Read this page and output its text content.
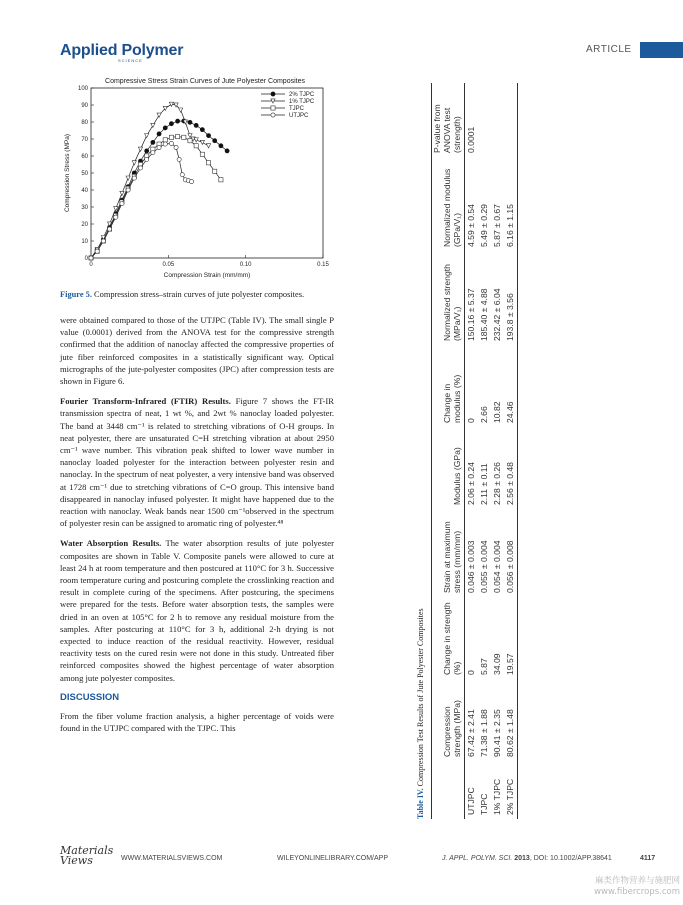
Applied Polymer
SCIENCE
ARTICLE
Compressive Stress Strain Curves of Jute Polyester Composites
0
10
20
30
40
50
60
70
80
90
100
0	0.05	0.10	0.15
Compression Strain (mm/mm)
Compression Stress (MPa)
2% TJPC
1% TJPC
TJPC
UTJPC
Figure 5. Compression stress–strain curves of jute polyester composites.

were obtained compared to those of the UTJPC (Table IV). The small single P value (0.0001) derived from the ANOVA test for the compressive strength confirmed that the addition of nanoclay affected the compressive properties of jute fiber reinforced composites in a statistically significant way. Optical micrographs of the jute-polyester composites (JPC) after compression tests are shown in Figure 6.

Fourier Transform-Infrared (FTIR) Results. Figure 7 shows the FT-IR transmission spectra of neat, 1 wt %, and 2wt % nanoclay loaded polyester. The band at 3448 cm⁻¹ is related to stretching vibrations of O-H groups. In neat polyester, there are unsaturated C=H stretching vibration at about 2950 cm⁻¹ wave number. This vibration peak shifted to lower wave number in nanoclay loaded polyester for the interaction between polyester resin and nanoclay. In the spectrum of neat polyester, a very intensive band was observed at 1728 cm⁻¹ due to stretching vibrations of C=O group. This intensive band disappeared in nanoclay infused polyester. It might have happened due to the reaction with nanoclay. Weak bands near 1500 cm⁻¹observed in the spectrum of polyester resin can be assigned to aromatic ring of polyester.⁴⁸

Water Absorption Results. The water absorption results of jute polyester composites are shown in Table V. Composite panels were allowed to cure at least 24 h at room temperature and then postcured at 110°C for 3 h. Successive room temperature curing and postcuring complete the crosslinking reaction and result in complete curing of the specimens. After postcuring, the specimens were prepared for the tests. Before water absorption tests, the samples were dried in an oven at 105°C for 2 h to remove any residual moisture from the samples. After postcuring at 110°C for 3 h, additional 2-h drying is not expected to induce reaction of the residual reactivity. However, residual reactivity tests on the cured resin were not done in this study. Untreated fiber reinforced composites showed the highest percentage of water absorption among jute polyester composites.

DISCUSSION

From the fiber volume fraction analysis, a higher percentage of voids were found in the UTJPC compared with the TJPC. This

Table IV. Compression Test Results of Jute Polyester Composites
	Compression strength (MPa)	Change in strength (%)	Strain at maximum stress (mm/mm)	Modulus (GPa)	Change in modulus (%)	Normalized strength (MPa/V₁)	Normalized modulus (GPa/V₁)	P-value from ANOVA test (strength)
UTJPC	67.42 ± 2.41	0	0.046 ± 0.003	2.06 ± 0.24	0	150.16 ± 5.37	4.59 ± 0.54	0.0001
TJPC	71.38 ± 1.88	5.87	0.055 ± 0.004	2.11 ± 0.11	2.66	185.40 ± 4.88	5.49 ± 0.29	
1% TJPC	90.41 ± 2.35	34.09	0.054 ± 0.004	2.28 ± 0.26	10.82	232.42 ± 6.04	5.87 ± 0.67	
2% TJPC	80.62 ± 1.48	19.57	0.056 ± 0.008	2.56 ± 0.48	24.46	193.8 ± 3.56	6.16 ± 1.15	
Materials Views	WWW.MATERIALSVIEWS.COM	WILEYONLINELIBRARY.COM/APP	J. APPL. POLYM. SCI. 2013, DOI: 10.1002/APP.38641	4117
麻类作物营养与施肥网
www.fibercrops.com
